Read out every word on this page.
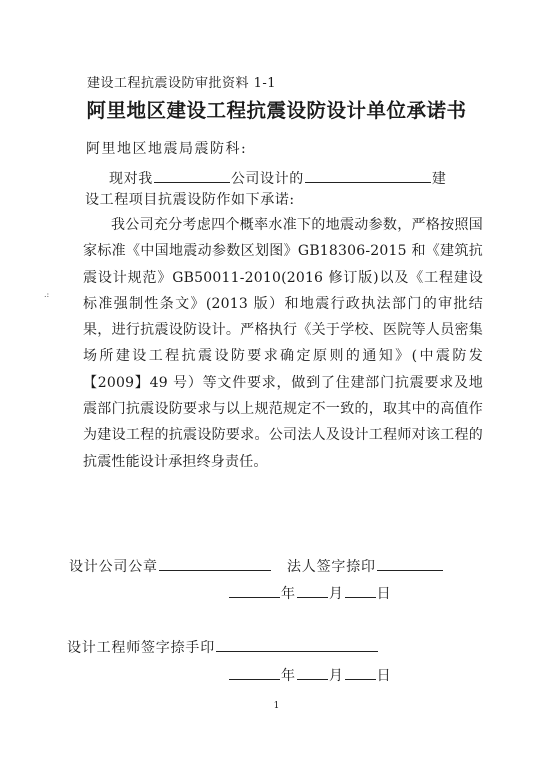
建设工程抗震设防审批资料 1-1
阿里地区建设工程抗震设防设计单位承诺书
阿里地区地震局震防科:
现对我	公司设计的	建
设工程项目抗震设防作如下承诺:
.:
我公司充分考虑四个概率水准下的地震动参数，严格按照国家标准《中国地震动参数区划图》GB18306-2015 和《建筑抗震设计规范》GB50011-2010(2016 修订版)以及《工程建设标准强制性条文》(2013 版）和地震行政执法部门的审批结果，进行抗震设防设计。严格执行《关于学校、医院等人员密集场所建设工程抗震设防要求确定原则的通知》(中震防发【2009】49 号）等文件要求，做到了住建部门抗震要求及地震部门抗震设防要求与以上规范规定不一致的，取其中的高值作为建设工程的抗震设防要求。公司法人及设计工程师对该工程的抗震性能设计承担终身责任。
设计公司公章	法人签字捺印
年 月 日
设计工程师签字捺手印
年 月 日
1
